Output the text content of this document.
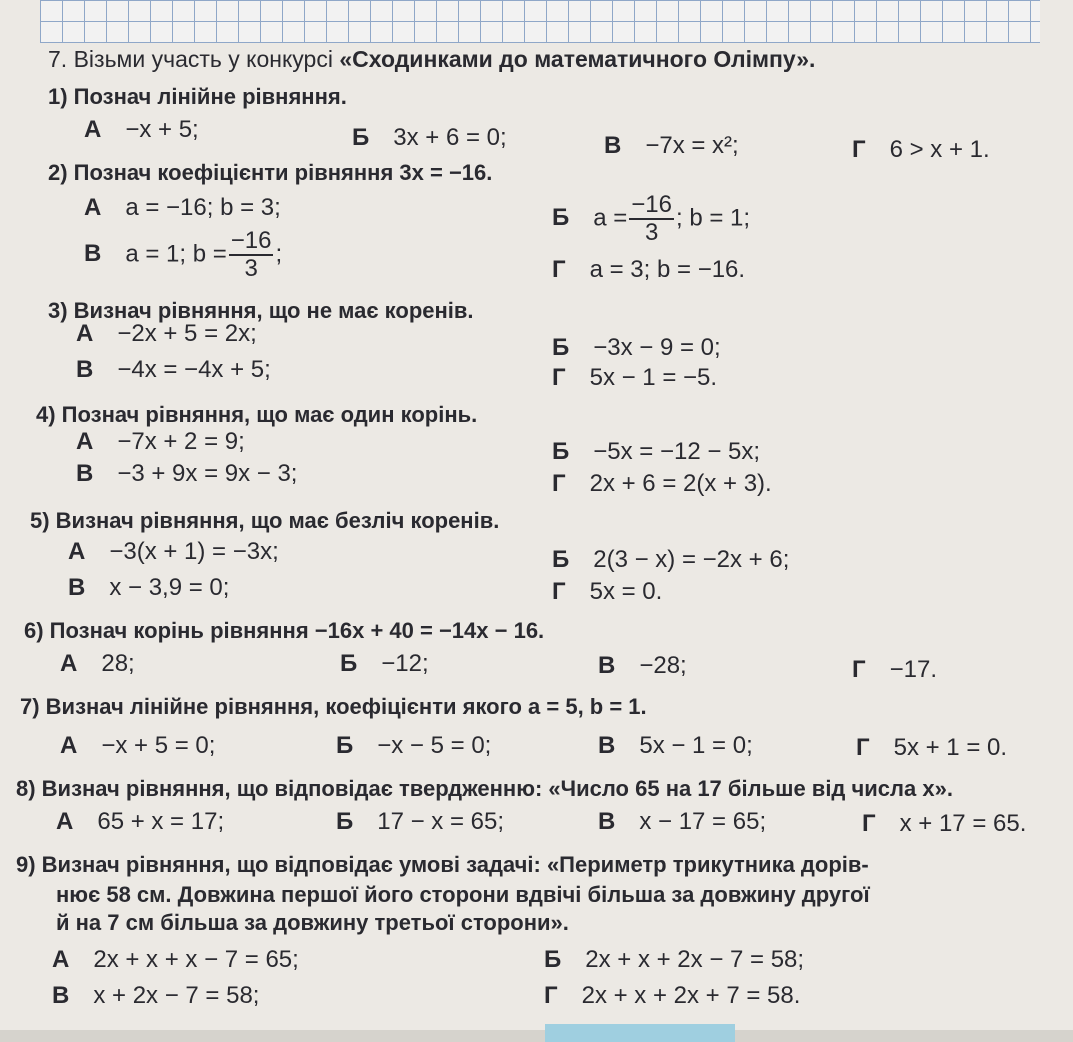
7. Візьми участь у конкурсі «Сходинками до математичного Олімпу».
1) Познач лінійне рівняння.
А −x + 5;	Б 3x + 6 = 0;	В −7x = x²;	Г 6 > x + 1.
2) Познач коефіцієнти рівняння 3x = −16.
А a = −16; b = 3;	Б $a = \frac{-16}{3}$ ; b = 1;
В a = 1; $b = \frac{-16}{3}$ ;
Г a = 3; b = −16.
3) Визнач рівняння, що не має коренів.
А −2x + 5 = 2x;
Б −3x − 9 = 0;
В −4x = −4x + 5;	Г 5x − 1 = −5.
4) Познач рівняння, що має один корінь.
А −7x + 2 = 9;	Б −5x = −12 − 5x;
В −3 + 9x = 9x − 3;	Г 2x + 6 = 2(x + 3).
5) Визнач рівняння, що має безліч коренів.
А −3(x + 1) = −3x;	Б 2(3 − x) = −2x + 6;
В x − 3,9 = 0;	Г 5x = 0.
6) Познач корінь рівняння −16x + 40 = −14x − 16.
А 28;	Б −12;	В −28;	Г −17.
7) Визнач лінійне рівняння, коефіцієнти якого a = 5, b = 1.
А −x + 5 = 0;	Б −x − 5 = 0;	В 5x − 1 = 0;	Г 5x + 1 = 0.
8) Визнач рівняння, що відповідає твердженню: «Число 65 на 17 більше від числа x».
А 65 + x = 17;	Б 17 − x = 65;	В x − 17 = 65;	Г x + 17 = 65.
9) Визнач рівняння, що відповідає умові задачі: «Периметр трикутника дорів-
нює 58 см. Довжина першої його сторони вдвічі більша за довжину другої
й на 7 см більша за довжину третьої сторони».
А 2x + x + x − 7 = 65;	Б 2x + x + 2x − 7 = 58;
В x + 2x − 7 = 58;	Г 2x + x + 2x + 7 = 58.
